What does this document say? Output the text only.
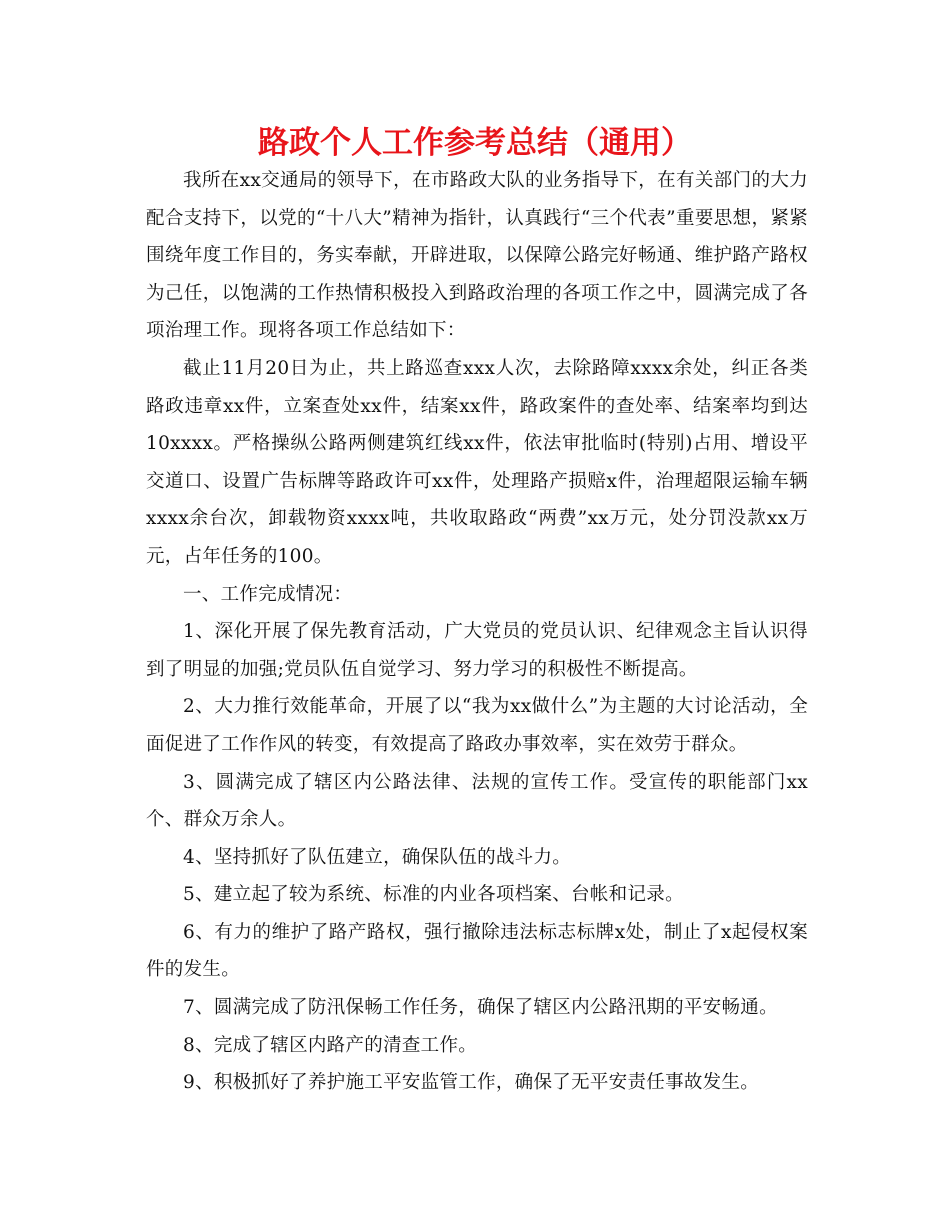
路政个人工作参考总结（通用）

我所在xx交通局的领导下，在市路政大队的业务指导下，在有关部门的大力配合支持下，以党的“十八大”精神为指针，认真践行“三个代表”重要思想，紧紧围绕年度工作目的，务实奉献，开辟进取，以保障公路完好畅通、维护路产路权为己任，以饱满的工作热情积极投入到路政治理的各项工作之中，圆满完成了各项治理工作。现将各项工作总结如下：

截止11月20日为止，共上路巡查xxx人次，去除路障xxxx余处，纠正各类路政违章xx件，立案查处xx件，结案xx件，路政案件的查处率、结案率均到达10xxxx。严格操纵公路两侧建筑红线xx件，依法审批临时(特别)占用、增设平交道口、设置广告标牌等路政许可xx件，处理路产损赔x件，治理超限运输车辆xxxx余台次，卸载物资xxxx吨，共收取路政“两费”xx万元，处分罚没款xx万元，占年任务的100。

一、工作完成情况：

1、深化开展了保先教育活动，广大党员的党员认识、纪律观念主旨认识得到了明显的加强;党员队伍自觉学习、努力学习的积极性不断提高。

2、大力推行效能革命，开展了以“我为xx做什么”为主题的大讨论活动，全面促进了工作作风的转变，有效提高了路政办事效率，实在效劳于群众。

3、圆满完成了辖区内公路法律、法规的宣传工作。受宣传的职能部门xx个、群众万余人。

4、坚持抓好了队伍建立，确保队伍的战斗力。

5、建立起了较为系统、标准的内业各项档案、台帐和记录。

6、有力的维护了路产路权，强行撤除违法标志标牌x处，制止了x起侵权案件的发生。

7、圆满完成了防汛保畅工作任务，确保了辖区内公路汛期的平安畅通。

8、完成了辖区内路产的清查工作。

9、积极抓好了养护施工平安监管工作，确保了无平安责任事故发生。
